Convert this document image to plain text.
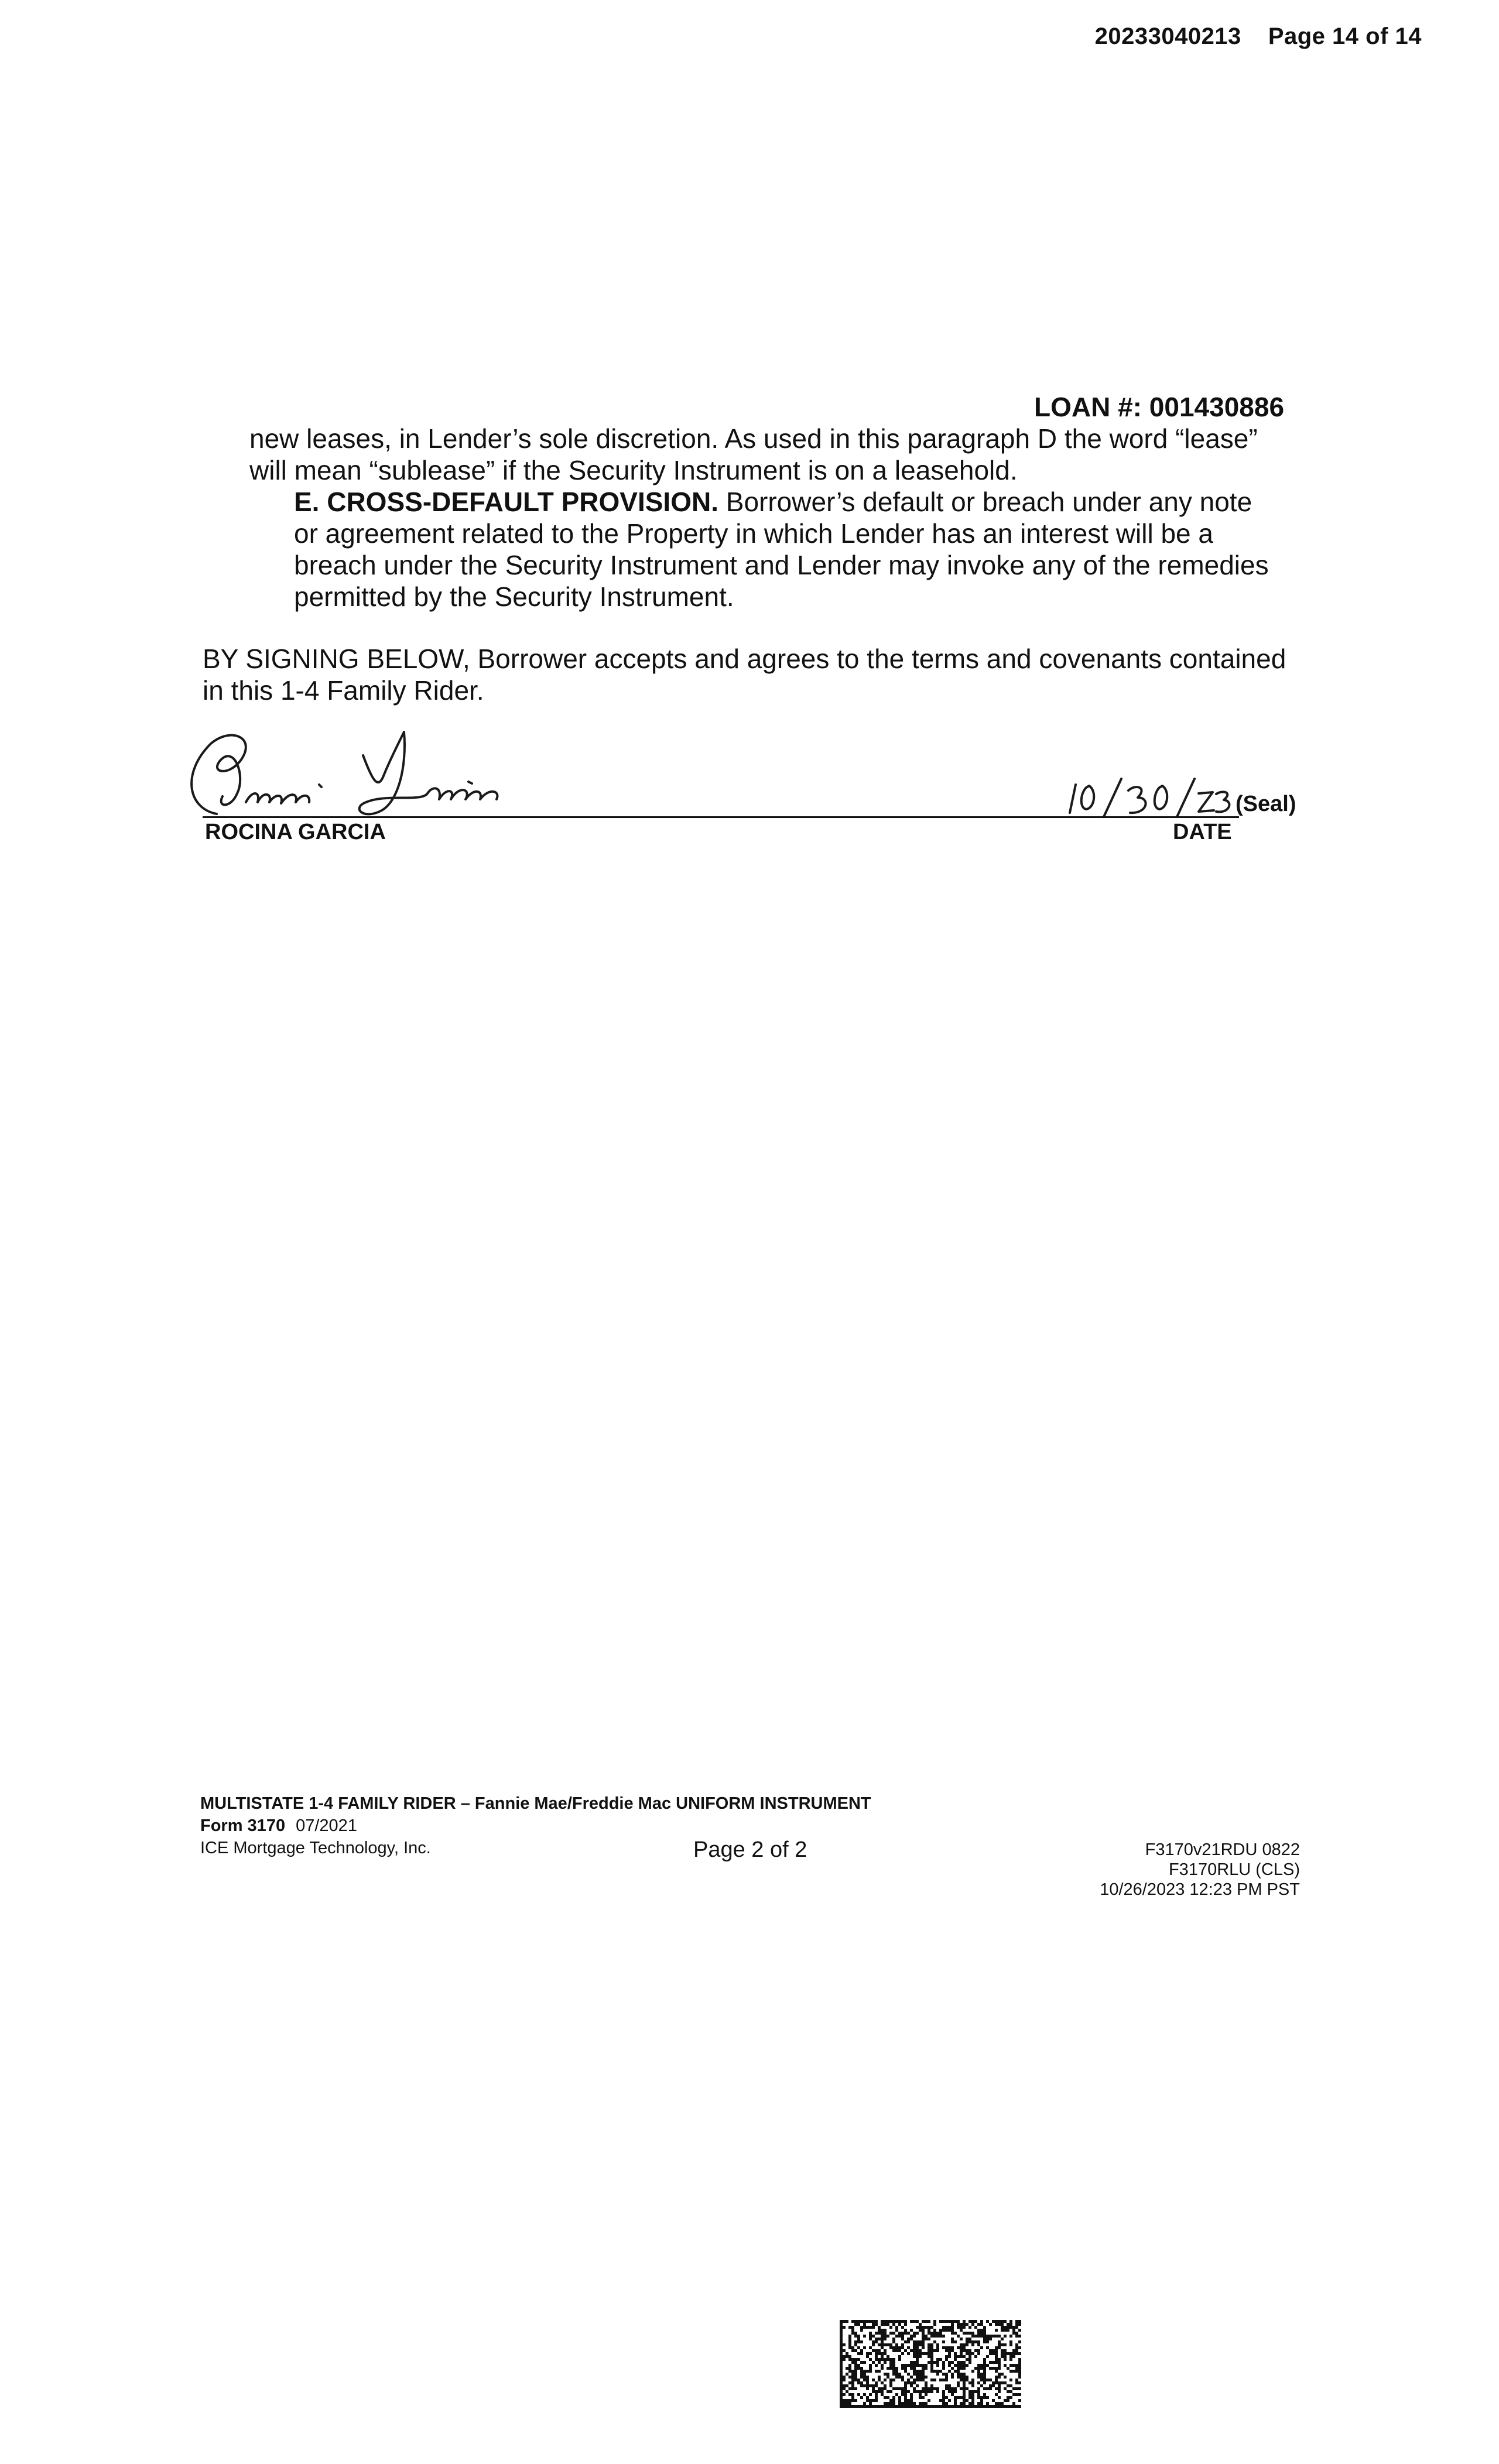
20233040213 Page 14 of 14
LOAN #: 001430886

new leases, in Lender’s sole discretion. As used in this paragraph D the word “lease” will mean “sublease” if the Security Instrument is on a leasehold.

E. CROSS-DEFAULT PROVISION. Borrower’s default or breach under any note or agreement related to the Property in which Lender has an interest will be a breach under the Security Instrument and Lender may invoke any of the remedies permitted by the Security Instrument.

BY SIGNING BELOW, Borrower accepts and agrees to the terms and covenants contained in this 1-4 Family Rider.
(Seal)
ROCINA GARCIA	DATE
MULTISTATE 1-4 FAMILY RIDER – Fannie Mae/Freddie Mac UNIFORM INSTRUMENT
Form 3170 07/2021
ICE Mortgage Technology, Inc.	Page 2 of 2	F3170v21RDU 0822
F3170RLU (CLS)
10/26/2023 12:23 PM PST
